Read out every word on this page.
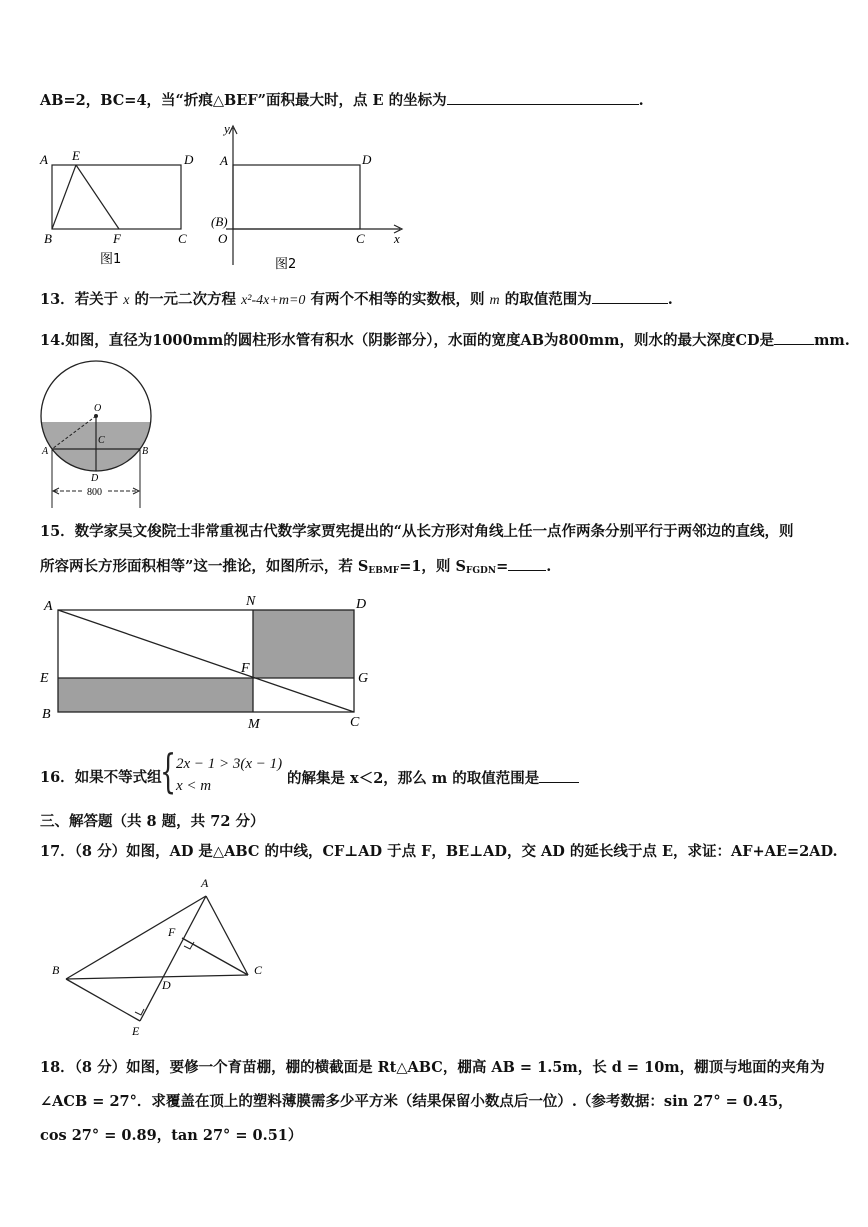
AB=2，BC=4，当“折痕△BEF”面积最大时，点 E 的坐标为	.
A E	D
B	F	C
图1
y
A	D
(B)
O	C x
图2
13．若关于 x 的一元二次方程 x²-4x+m=0 有两个不相等的实数根，则 m 的取值范围为	.
14.如图，直径为1000mm的圆柱形水管有积水（阴影部分），水面的宽度AB为800mm，则水的最大深度CD是	mm.
O
A	B
C
D
800
15．数学家吴文俊院士非常重视古代数学家贾宪提出的“从长方形对角线上任一点作两条分别平行于两邻边的直线，则
所容两长方形面积相等”这一推论，如图所示，若 $S_{EBMF}=1$，则 $S_{FGDN}=$	.
A	N	D
F
G
E
B
M	C
16．如果不等式组
{ 2x − 1 > 3(x − 1)
x < m	的解集是 x＜2，那么 m 的取值范围是
三、解答题（共 8 题，共 72 分）
17．（8 分）如图，AD 是△ABC 的中线，CF⊥AD 于点 F，BE⊥AD，交 AD 的延长线于点 E，求证：AF+AE=2AD.
A
F
B
D
C
E
18．（8 分）如图，要修一个育苗棚，棚的横截面是 Rt△ABC，棚高 AB = 1.5m，长 d = 10m，棚顶与地面的夹角为
∠ACB = 27°．求覆盖在顶上的塑料薄膜需多少平方米（结果保留小数点后一位）.（参考数据：sin 27° = 0.45，
cos 27° = 0.89，tan 27° = 0.51）
